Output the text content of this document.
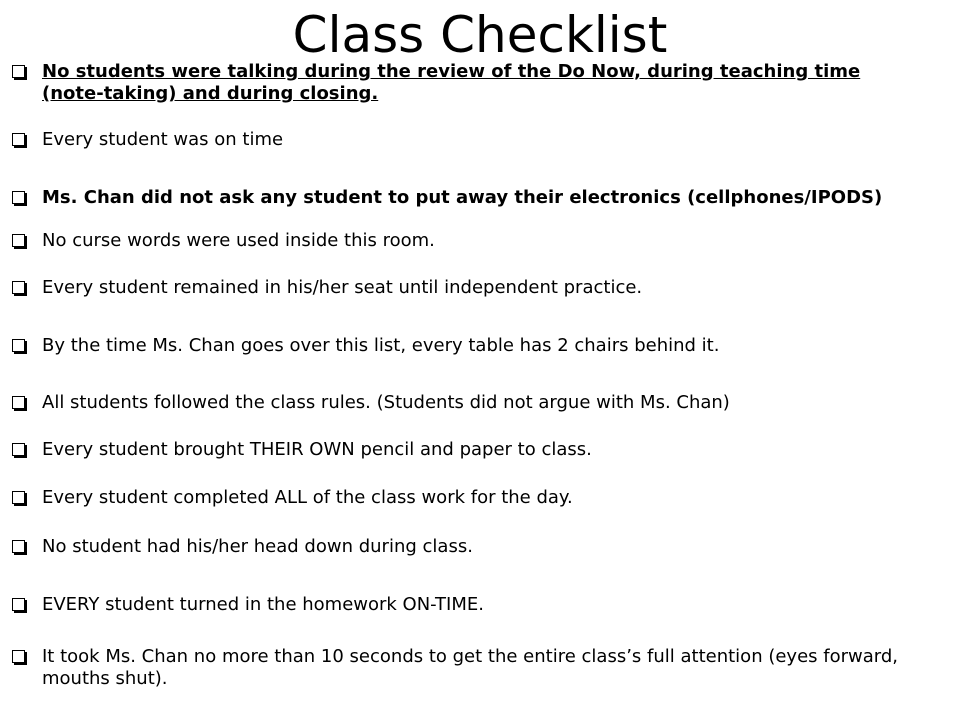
Class Checklist
No students were talking during the review of the Do Now, during teaching time (note-taking) and during closing.
Every student was on time
Ms. Chan did not ask any student to put away their electronics (cellphones/IPODS)
No curse words were used inside this room.
Every student remained in his/her seat until independent practice.
By the time Ms. Chan goes over this list, every table has 2 chairs behind it.
All students followed the class rules. (Students did not argue with Ms. Chan)
Every student brought THEIR OWN pencil and paper to class.
Every student completed ALL of the class work for the day.
No student had his/her head down during class.
EVERY student turned in the homework ON-TIME.
It took Ms. Chan no more than 10 seconds to get the entire class’s full attention (eyes forward, mouths shut).
